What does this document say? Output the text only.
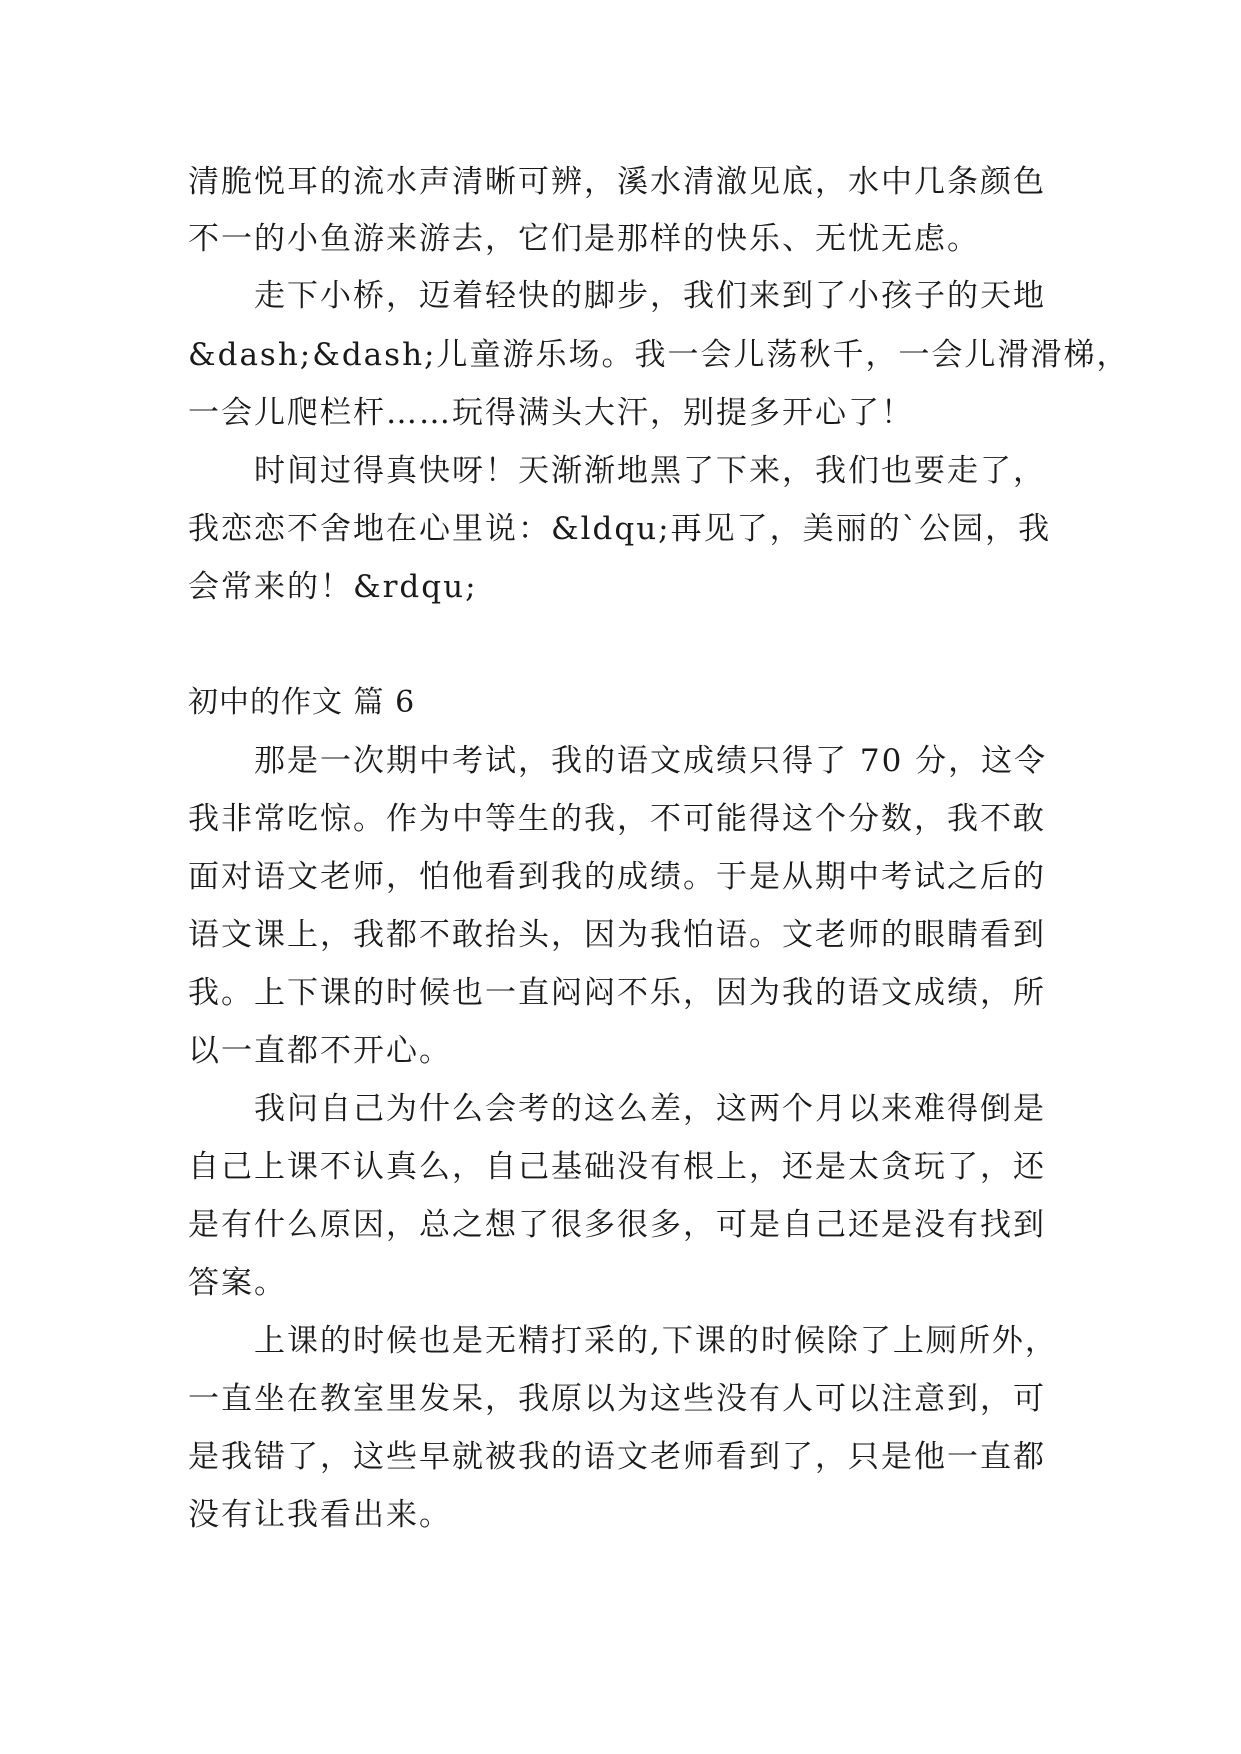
清脆悦耳的流水声清晰可辨，溪水清澈见底，水中几条颜色
不一的小鱼游来游去，它们是那样的快乐、无忧无虑。
　　走下小桥，迈着轻快的脚步，我们来到了小孩子的天地
&dash;&dash;儿童游乐场。我一会儿荡秋千，一会儿滑滑梯，
一会儿爬栏杆……玩得满头大汗，别提多开心了！
　　时间过得真快呀！天渐渐地黑了下来，我们也要走了，
我恋恋不舍地在心里说：&ldqu;再见了，美丽的`公园，我
会常来的！&rdqu;
初中的作文 篇 6
　　那是一次期中考试，我的语文成绩只得了 70 分，这令
我非常吃惊。作为中等生的我，不可能得这个分数，我不敢
面对语文老师，怕他看到我的成绩。于是从期中考试之后的
语文课上，我都不敢抬头，因为我怕语。文老师的眼睛看到
我。上下课的时候也一直闷闷不乐，因为我的语文成绩，所
以一直都不开心。
　　我问自己为什么会考的这么差，这两个月以来难得倒是
自己上课不认真么，自己基础没有根上，还是太贪玩了，还
是有什么原因，总之想了很多很多，可是自己还是没有找到
答案。
　　上课的时候也是无精打采的,下课的时候除了上厕所外，
一直坐在教室里发呆，我原以为这些没有人可以注意到，可
是我错了，这些早就被我的语文老师看到了，只是他一直都
没有让我看出来。
